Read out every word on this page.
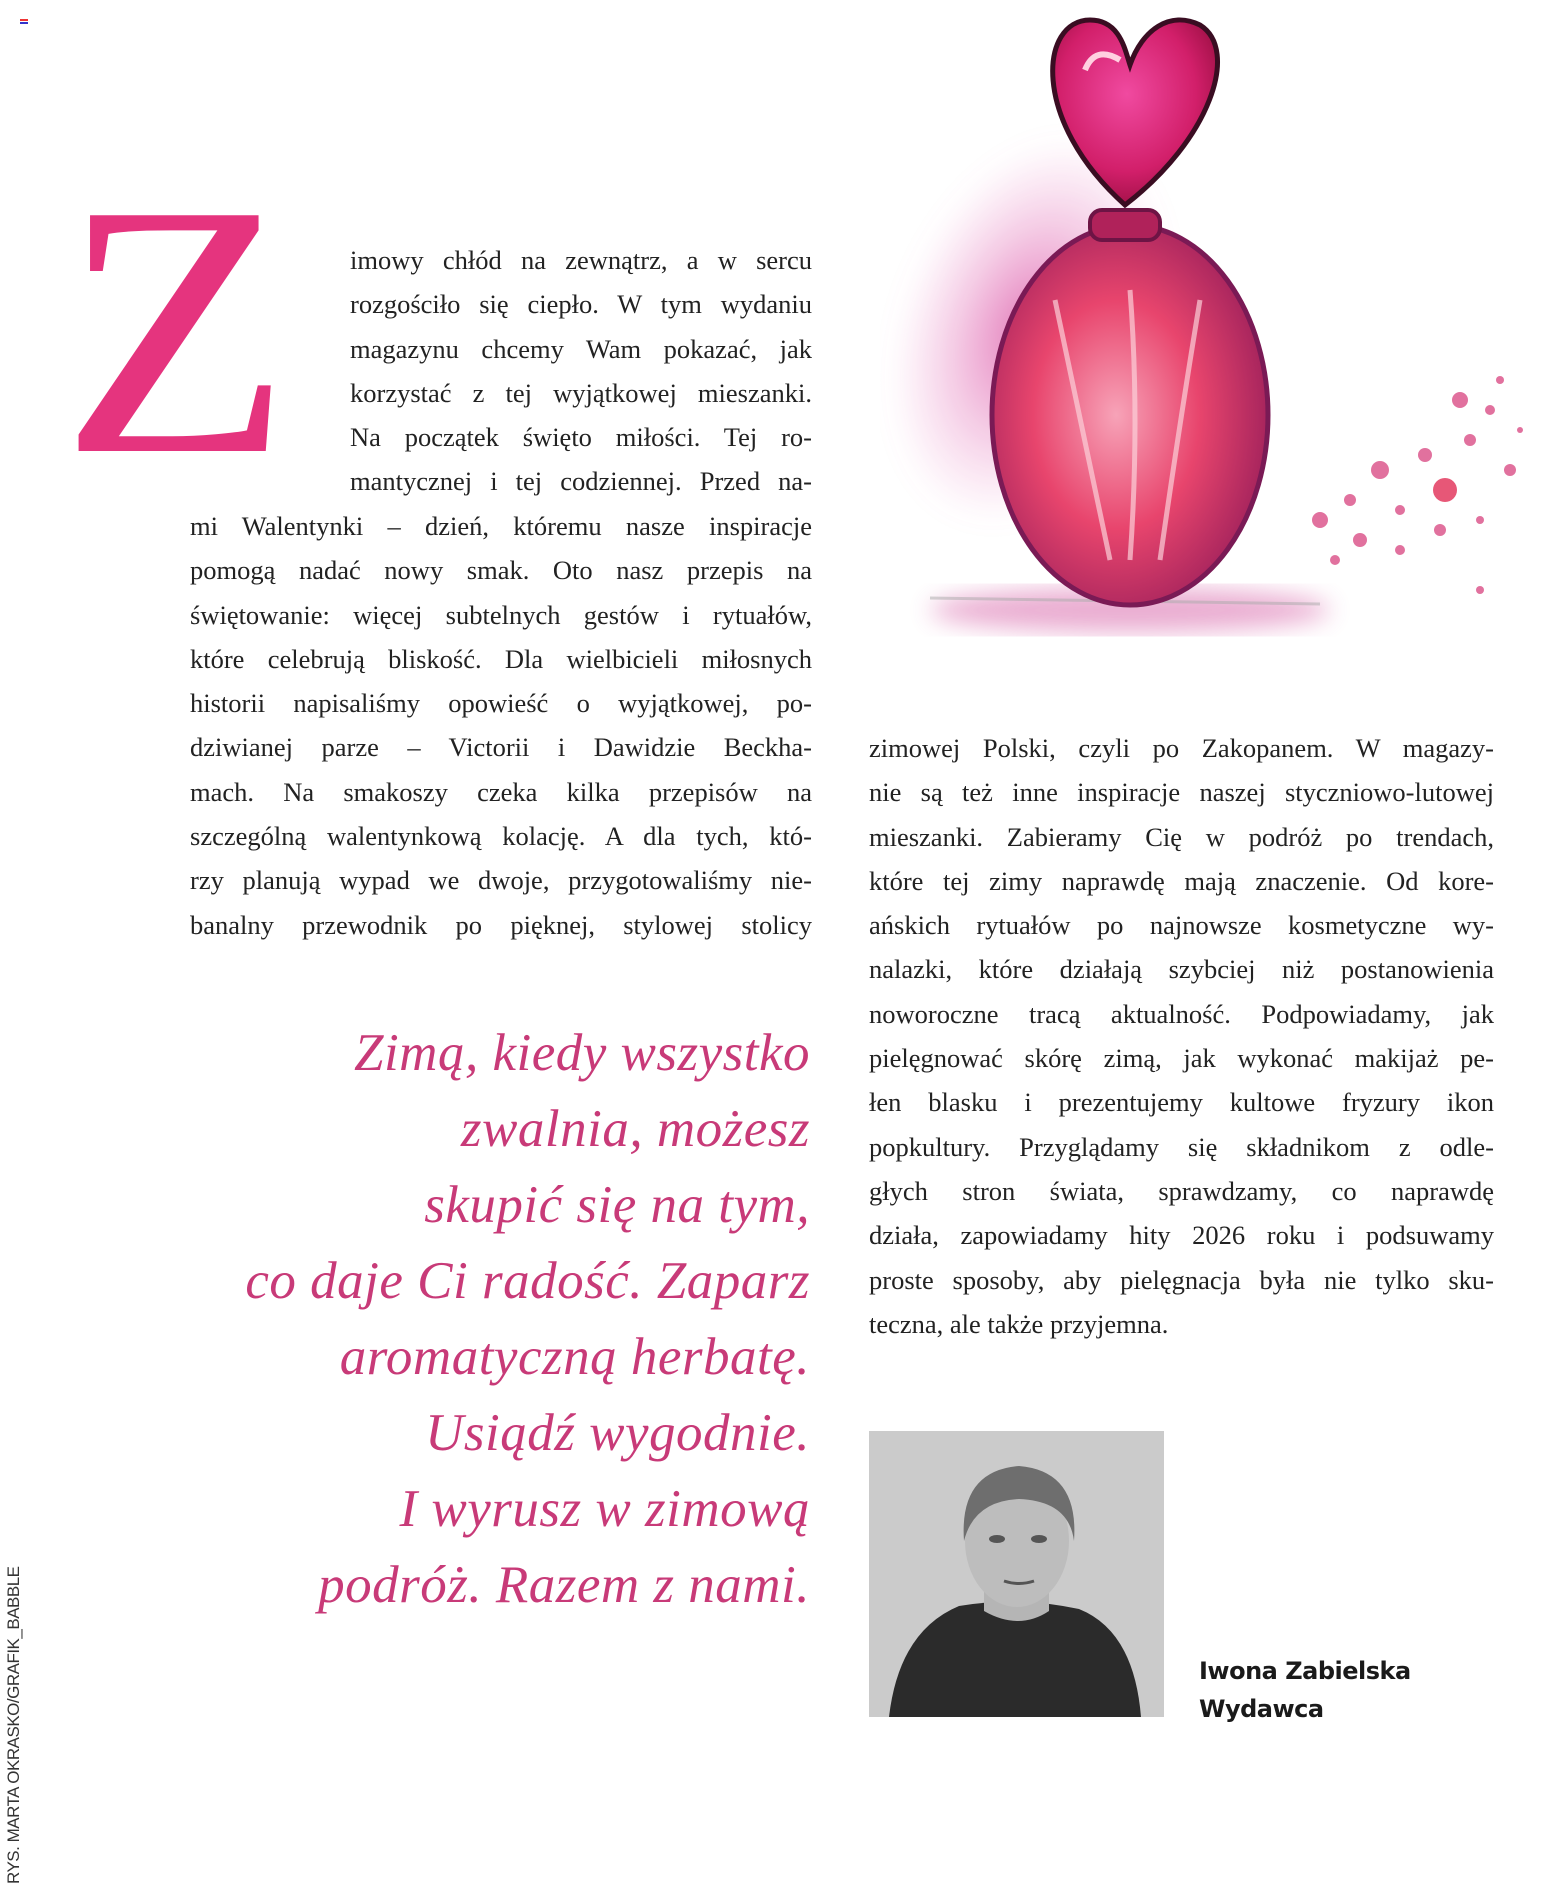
Z imowy chłód na zewnątrz, a w sercu
rozgościło się ciepło. W tym wydaniu
magazynu chcemy Wam pokazać, jak
korzystać z tej wyjątkowej mieszanki.
Na początek święto miłości. Tej ro-
mantycznej i tej codziennej. Przed na-
mi Walentynki – dzień, któremu nasze inspiracje
pomogą nadać nowy smak. Oto nasz przepis na
świętowanie: więcej subtelnych gestów i rytuałów,
które celebrują bliskość. Dla wielbicieli miłosnych
historii napisaliśmy opowieść o wyjątkowej, po-
dziwianej parze – Victorii i Dawidzie Beckha-
mach. Na smakoszy czeka kilka przepisów na
szczególną walentynkową kolację. A dla tych, któ-
rzy planują wypad we dwoje, przygotowaliśmy nie-
banalny przewodnik po pięknej, stylowej stolicy
zimowej Polski, czyli po Zakopanem. W magazy-
nie są też inne inspiracje naszej styczniowo-lutowej
mieszanki. Zabieramy Cię w podróż po trendach,
które tej zimy naprawdę mają znaczenie. Od kore-
ańskich rytuałów po najnowsze kosmetyczne wy-
nalazki, które działają szybciej niż postanowienia
noworoczne tracą aktualność. Podpowiadamy, jak
pielęgnować skórę zimą, jak wykonać makijaż pe-
łen blasku i prezentujemy kultowe fryzury ikon
popkultury. Przyglądamy się składnikom z odle-
głych stron świata, sprawdzamy, co naprawdę
działa, zapowiadamy hity 2026 roku i podsuwamy
proste sposoby, aby pielęgnacja była nie tylko sku-
teczna, ale także przyjemna.
Zimą, kiedy wszystko
zwalnia, możesz
skupić się na tym,
co daje Ci radość. Zaparz
aromatyczną herbatę.
Usiądź wygodnie.
I wyrusz w zimową
podróż. Razem z nami.
Iwona Zabielska
Wydawca
RYS. MARTA OKRASKO/GRAFIK_BABBLE
